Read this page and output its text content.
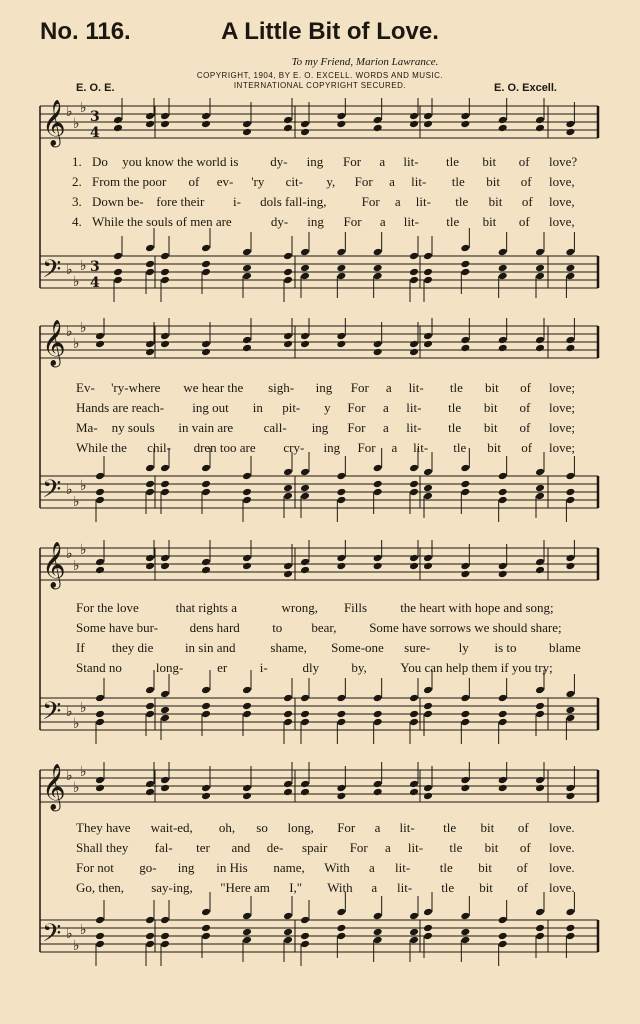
No. 116.	A Little Bit of Love.
To my Friend, Marion Lawrance.
COPYRIGHT, 1904, BY E. O. EXCELL. WORDS AND MUSIC.
INTERNATIONAL COPYRIGHT SECURED.
E. O. E.	E. O. Excell.
𝄞 ♭
♭
♭
3
4
𝄢 ♭
♭
♭ 3
4
1. Do you know the world is dy- ing For a lit- tle bit of love?
2. From the poor of ev- 'ry cit- y, For a lit- tle bit of love,
3. Down be- fore their i- dols fall-ing,	For a lit- tle bit of love,
4. While the souls of men are	dy- ing For a lit- tle bit of love,
𝄞 ♭
♭
♭
𝄢 ♭
♭
♭
Ev- 'ry-where we hear the sigh- ing For a lit- tle bit of love;
Hands are reach- ing out in pit- y For a lit- tle bit of love;
Ma- ny souls in vain are call- ing For a lit- tle bit of love;
While the chil- dren too are cry- ing For a lit- tle bit of love;
𝄞 ♭
♭
♭
𝄢 ♭
♭
♭
For the love	that rights a	wrong, Fills	the heart with hope and song;
Some have bur- dens hard to bear,	Some have sorrows we should share;
If they die in sin and	shame, Some-one sure- ly is to blame
Stand no	long-	er	i-	dly by,	You can help them if you try;
𝄞 ♭
♭
♭
𝄢 ♭
♭
♭
They have wait-ed, oh, so long, For a lit- tle bit of love.
Shall they fal- ter and de- spair For a lit- tle bit of love.
For not go- ing in His name, With a lit- tle bit of love.
Go, then, say-ing, "Here am I," With a lit- tle bit of love.
